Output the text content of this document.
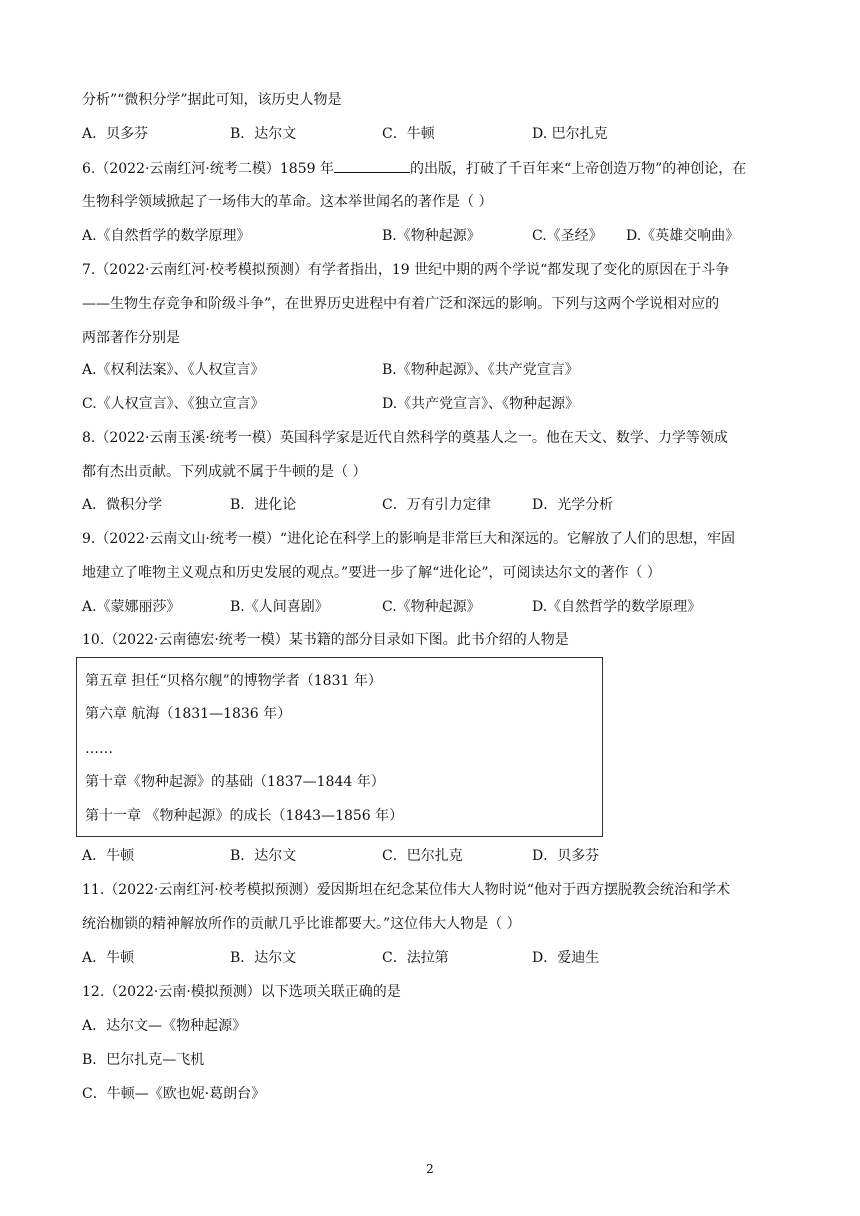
分析”“微积分学”据此可知，该历史人物是
A．贝多芬	B．达尔文	C．牛顿	D. 巴尔扎克
6.（2022·云南红河·统考二模）1859 年	的出版，打破了千百年来“上帝创造万物”的神创论，在
生物科学领域掀起了一场伟大的革命。这本举世闻名的著作是（ ）
A.《自然哲学的数学原理》	B.《物种起源》	C.《圣经》 D.《英雄交响曲》
7.（2022·云南红河·校考模拟预测）有学者指出，19 世纪中期的两个学说“都发现了变化的原因在于斗争
——生物生存竞争和阶级斗争”，在世界历史进程中有着广泛和深远的影响。下列与这两个学说相对应的
两部著作分别是
A.《权利法案》、《人权宣言》	B.《物种起源》、《共产党宣言》
C.《人权宣言》、《独立宣言》	D.《共产党宣言》、《物种起源》
8.（2022·云南玉溪·统考一模）英国科学家是近代自然科学的奠基人之一。他在天文、数学、力学等领成
都有杰出贡献。下列成就不属于牛顿的是（ ）
A．微积分学	B．进化论	C．万有引力定律	D．光学分析
9.（2022·云南文山·统考一模）“进化论在科学上的影响是非常巨大和深远的。它解放了人们的思想，牢固
地建立了唯物主义观点和历史发展的观点。”要进一步了解“进化论”，可阅读达尔文的著作（ ）
A.《蒙娜丽莎》	B.《人间喜剧》	C.《物种起源》	D.《自然哲学的数学原理》
10.（2022·云南德宏·统考一模）某书籍的部分目录如下图。此书介绍的人物是
第五章 担任“贝格尔舰”的博物学者（1831 年）
第六章 航海（1831—1836 年）
……
第十章《物种起源》的基础（1837—1844 年）
第十一章 《物种起源》的成长（1843—1856 年）
A．牛顿	B．达尔文	C．巴尔扎克	D．贝多芬
11.（2022·云南红河·校考模拟预测）爱因斯坦在纪念某位伟大人物时说“他对于西方摆脱教会统治和学术
统治枷锁的精神解放所作的贡献几乎比谁都要大。”这位伟大人物是（ ）
A．牛顿	B．达尔文	C．法拉第	D．爱迪生
12.（2022·云南·模拟预测）以下选项关联正确的是
A．达尔文—《物种起源》
B．巴尔扎克—飞机
C．牛顿—《欧也妮·葛朗台》
2
